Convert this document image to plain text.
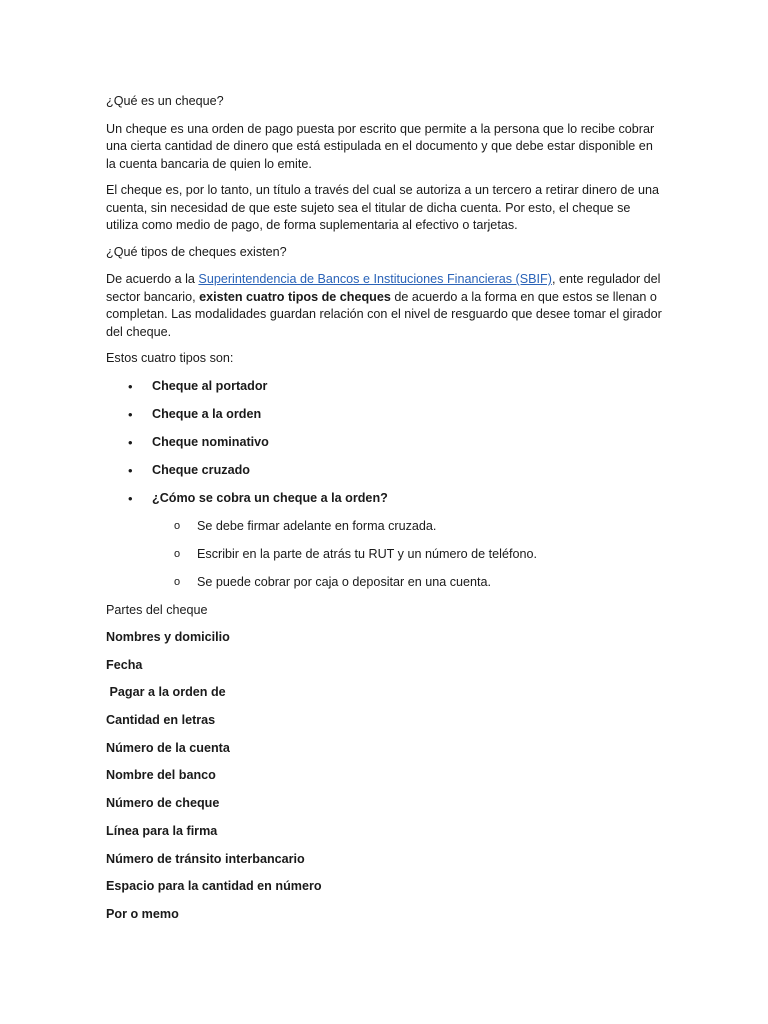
¿Qué es un cheque?

Un cheque es una orden de pago puesta por escrito que permite a la persona que lo recibe cobrar una cierta cantidad de dinero que está estipulada en el documento y que debe estar disponible en la cuenta bancaria de quien lo emite.

El cheque es, por lo tanto, un título a través del cual se autoriza a un tercero a retirar dinero de una cuenta, sin necesidad de que este sujeto sea el titular de dicha cuenta. Por esto, el cheque se utiliza como medio de pago, de forma suplementaria al efectivo o tarjetas.

¿Qué tipos de cheques existen?

De acuerdo a la Superintendencia de Bancos e Instituciones Financieras (SBIF), ente regulador del sector bancario, existen cuatro tipos de cheques de acuerdo a la forma en que estos se llenan o completan. Las modalidades guardan relación con el nivel de resguardo que desee tomar el girador del cheque.

Estos cuatro tipos son:

• Cheque al portador
• Cheque a la orden
• Cheque nominativo
• Cheque cruzado
• ¿Cómo se cobra un cheque a la orden?
o Se debe firmar adelante en forma cruzada.
o Escribir en la parte de atrás tu RUT y un número de teléfono.
o Se puede cobrar por caja o depositar en una cuenta.

Partes del cheque

Nombres y domicilio

Fecha

Pagar a la orden de

Cantidad en letras

Número de la cuenta

Nombre del banco

Número de cheque

Línea para la firma

Número de tránsito interbancario

Espacio para la cantidad en número

Por o memo
